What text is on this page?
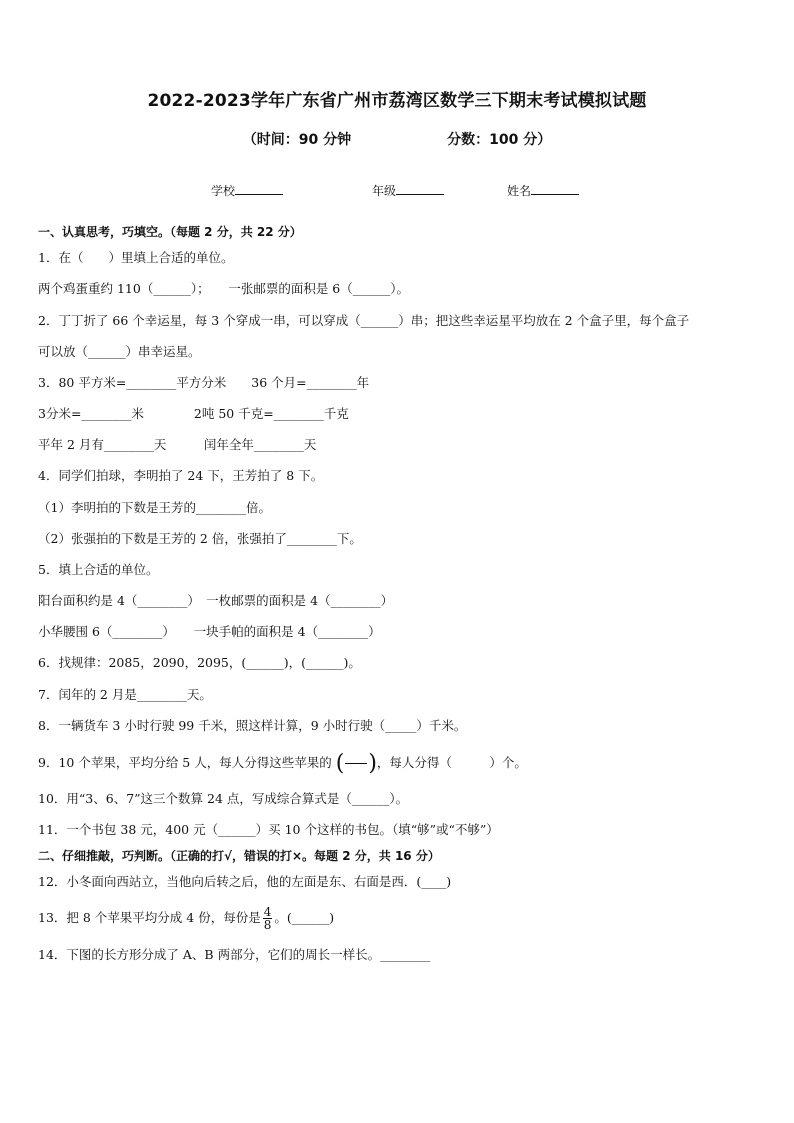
2022-2023学年广东省广州市荔湾区数学三下期末考试模拟试题
（时间：90 分钟	分数：100 分）
学校	年级	姓名
一、认真思考，巧填空。（每题 2 分，共 22 分）
1．在（　　）里填上合适的单位。
两个鸡蛋重约 110（______）；　　一张邮票的面积是 6（______）。
2．丁丁折了 66 个幸运星，每 3 个穿成一串，可以穿成（______）串；把这些幸运星平均放在 2 个盒子里，每个盒子
可以放（______）串幸运星。
3．80 平方米=________平方分米　　36 个月=________年
3分米=________米　　　　2吨 50 千克=________千克
平年 2 月有________天　　　闰年全年________天
4．同学们拍球，李明拍了 24 下，王芳拍了 8 下。
（1）李明拍的下数是王芳的________倍。
（2）张强拍的下数是王芳的 2 倍，张强拍了________下。
5．填上合适的单位。
阳台面积约是 4（________）　一枚邮票的面积是 4（________）
小华腰围 6（________）　　一块手帕的面积是 4（________）
6．找规律：2085，2090，2095，(______)，(______)。
7．闰年的 2 月是________天。
8．一辆货车 3 小时行驶 99 千米，照这样计算，9 小时行驶（_____）千米。
9．10 个苹果，平均分给 5 人，每人分得这些苹果的 ( )，每人分得（　　　）个。
10．用“3、6、7”这三个数算 24 点，写成综合算式是（______）。
11．一个书包 38 元，400 元（______）买 10 个这样的书包。（填“够”或“不够”）
二、仔细推敲，巧判断。（正确的打√，错误的打×。每题 2 分，共 16 分）
12．小冬面向西站立，当他向后转之后，他的左面是东、右面是西．(____)
13．把 8 个苹果平均分成 4 份，每份是 $\frac{4}{8}$ 。(______)
14．下图的长方形分成了 A、B 两部分，它们的周长一样长。________
